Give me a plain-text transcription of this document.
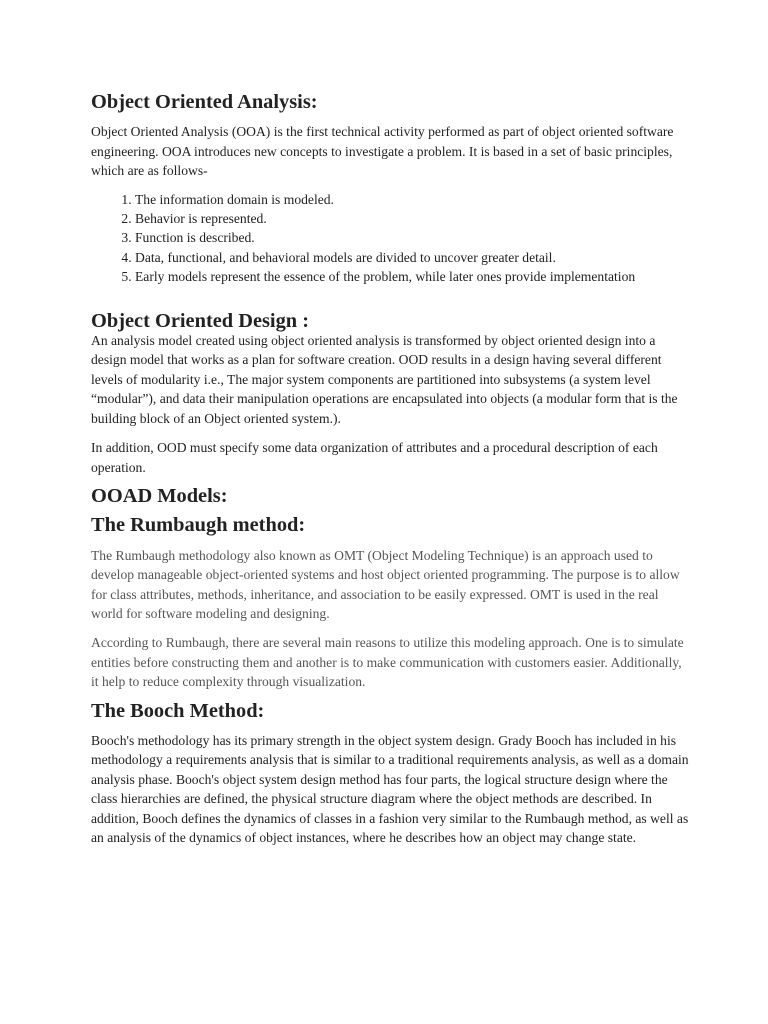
Object Oriented Analysis:

Object Oriented Analysis (OOA) is the first technical activity performed as part of object oriented software engineering. OOA introduces new concepts to investigate a problem. It is based in a set of basic principles, which are as follows-

1. The information domain is modeled.
2. Behavior is represented.
3. Function is described.
4. Data, functional, and behavioral models are divided to uncover greater detail.
5. Early models represent the essence of the problem, while later ones provide implementation
Object Oriented Design :

An analysis model created using object oriented analysis is transformed by object oriented design into a design model that works as a plan for software creation. OOD results in a design having several different levels of modularity i.e., The major system components are partitioned into subsystems (a system level “modular”), and data their manipulation operations are encapsulated into objects (a modular form that is the building block of an Object oriented system.).

In addition, OOD must specify some data organization of attributes and a procedural description of each operation.

OOAD Models:
The Rumbaugh method:

The Rumbaugh methodology also known as OMT (Object Modeling Technique) is an approach used to develop manageable object-oriented systems and host object oriented programming. The purpose is to allow for class attributes, methods, inheritance, and association to be easily expressed. OMT is used in the real world for software modeling and designing.

According to Rumbaugh, there are several main reasons to utilize this modeling approach. One is to simulate entities before constructing them and another is to make communication with customers easier. Additionally, it help to reduce complexity through visualization.

The Booch Method:

Booch's methodology has its primary strength in the object system design. Grady Booch has included in his methodology a requirements analysis that is similar to a traditional requirements analysis, as well as a domain analysis phase. Booch's object system design method has four parts, the logical structure design where the class hierarchies are defined, the physical structure diagram where the object methods are described. In addition, Booch defines the dynamics of classes in a fashion very similar to the Rumbaugh method, as well as an analysis of the dynamics of object instances, where he describes how an object may change state.
